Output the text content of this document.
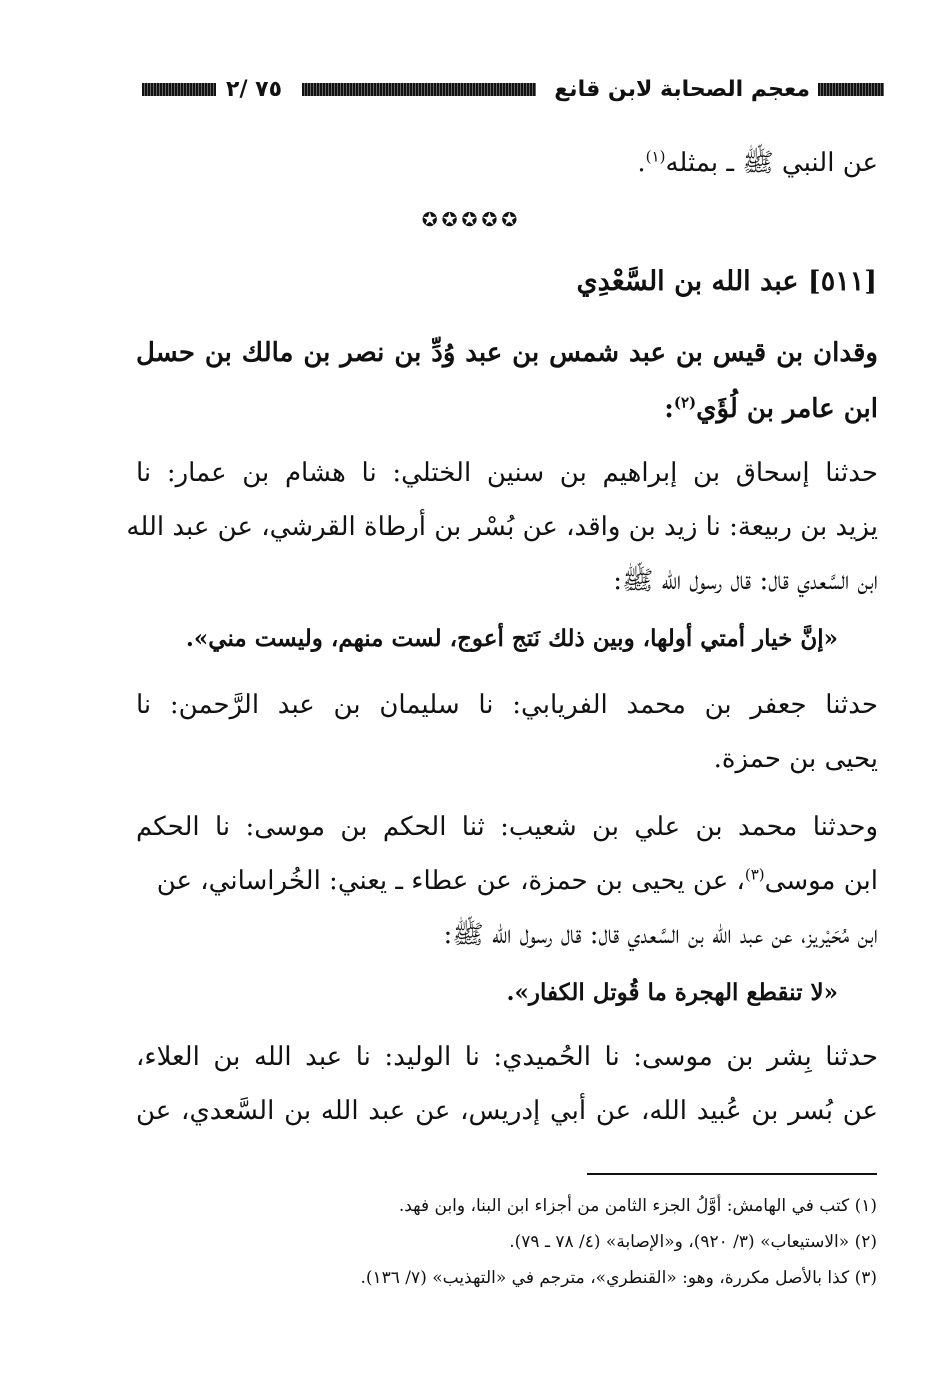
معجم الصحابة لابن قانع
٧٥ /٢
عن النبي ﷺ ـ بمثله$^{(١)}$.
✪✪✪✪✪
[٥١١] عبد الله بن السَّعْدِي
وقدان بن قيس بن عبد شمس بن عبد وُدِّ بن نصر بن مالك بن حسل
ابن عامر بن لُؤَي$^{(٢)}$:
حدثنا إسحاق بن إبراهيم بن سنين الختلي: نا هشام بن عمار: نا
يزيد بن ربيعة: نا زيد بن واقد، عن بُسْر بن أرطاة القرشي، عن عبد الله
ابن السَّعدي قال: قال رسول الله ﷺ:
«إنَّ خيار أمتي أولها، وبين ذلك نَتج أعوج، لست منهم، وليست مني».
حدثنا جعفر بن محمد الفريابي: نا سليمان بن عبد الرَّحمن: نا
يحيى بن حمزة.
وحدثنا محمد بن علي بن شعيب: ثنا الحكم بن موسى: نا الحكم
ابن موسى$^{(٣)}$، عن يحيى بن حمزة، عن عطاء ـ يعني: الخُراساني، عن
ابن مُحَيْريز، عن عبد الله بن السَّعدي قال: قال رسول الله ﷺ:
«لا تنقطع الهجرة ما قُوتل الكفار».
حدثنا بِشر بن موسى: نا الحُميدي: نا الوليد: نا عبد الله بن العلاء،
عن بُسر بن عُبيد الله، عن أبي إدريس، عن عبد الله بن السَّعدي، عن
(١) كتب في الهامش: أوَّلُ الجزء الثامن من أجزاء ابن البنا، وابن فهد.
(٢) «الاستيعاب» (٣/ ٩٢٠)، و«الإصابة» (٤/ ٧٨ ـ ٧٩).
(٣) كذا بالأصل مكررة، وهو: «القنطري»، مترجم في «التهذيب» (٧/ ١٣٦).
